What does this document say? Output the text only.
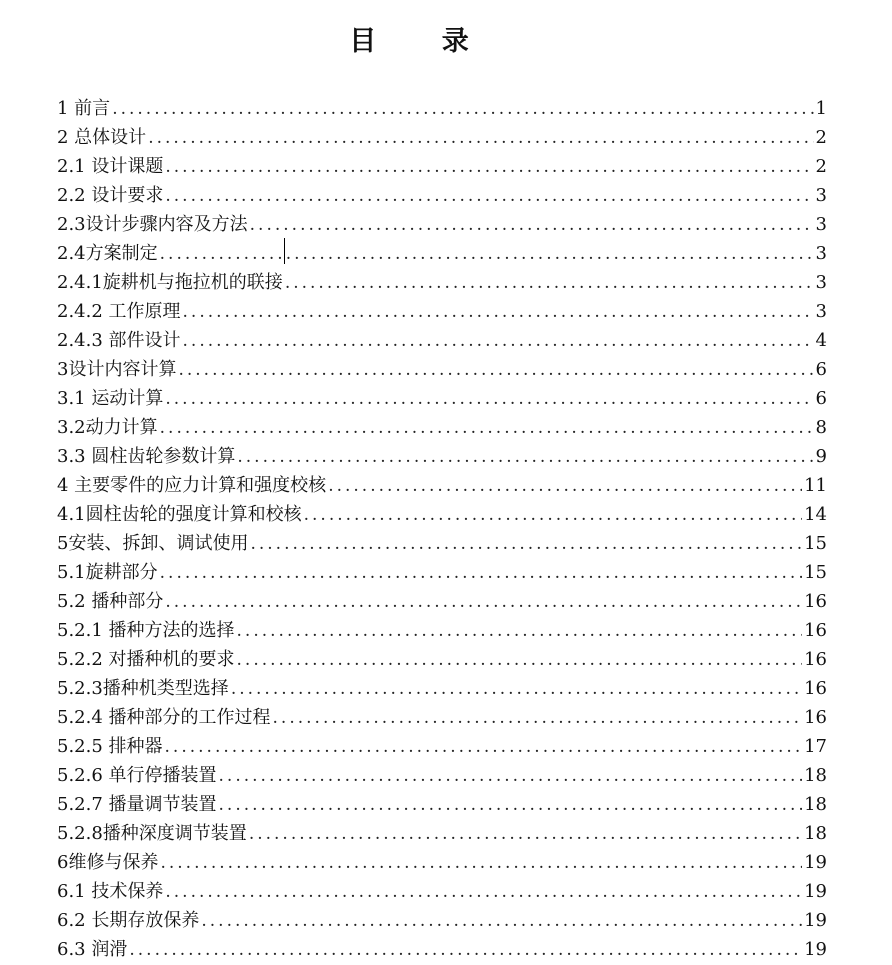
目 录
1 前言 .....	1
2 总体设计 .....	2
2.1 设计课题 .....	2
2.2 设计要求 .....	3
2.3设计步骤内容及方法 .....	3
2.4方案制定 .....	3
2.4.1旋耕机与拖拉机的联接 .....	3
2.4.2 工作原理 .....	3
2.4.3 部件设计 .....	4
3设计内容计算 .....	6
3.1 运动计算 .....	6
3.2动力计算 .....	8
3.3 圆柱齿轮参数计算 .....	9
4 主要零件的应力计算和强度校核 .....	11
4.1圆柱齿轮的强度计算和校核 .....	14
5安装、拆卸、调试使用 .....	15
5.1旋耕部分 .....	15
5.2 播种部分 .....	16
5.2.1 播种方法的选择 .....	16
5.2.2 对播种机的要求 .....	16
5.2.3播种机类型选择 .....	16
5.2.4 播种部分的工作过程 .....	16
5.2.5 排种器 .....	17
5.2.6 单行停播装置 .....	18
5.2.7 播量调节装置 .....	18
5.2.8播种深度调节装置 .....	18
6维修与保养 .....	19
6.1 技术保养 .....	19
6.2 长期存放保养 .....	19
6.3 润滑 .....	19
